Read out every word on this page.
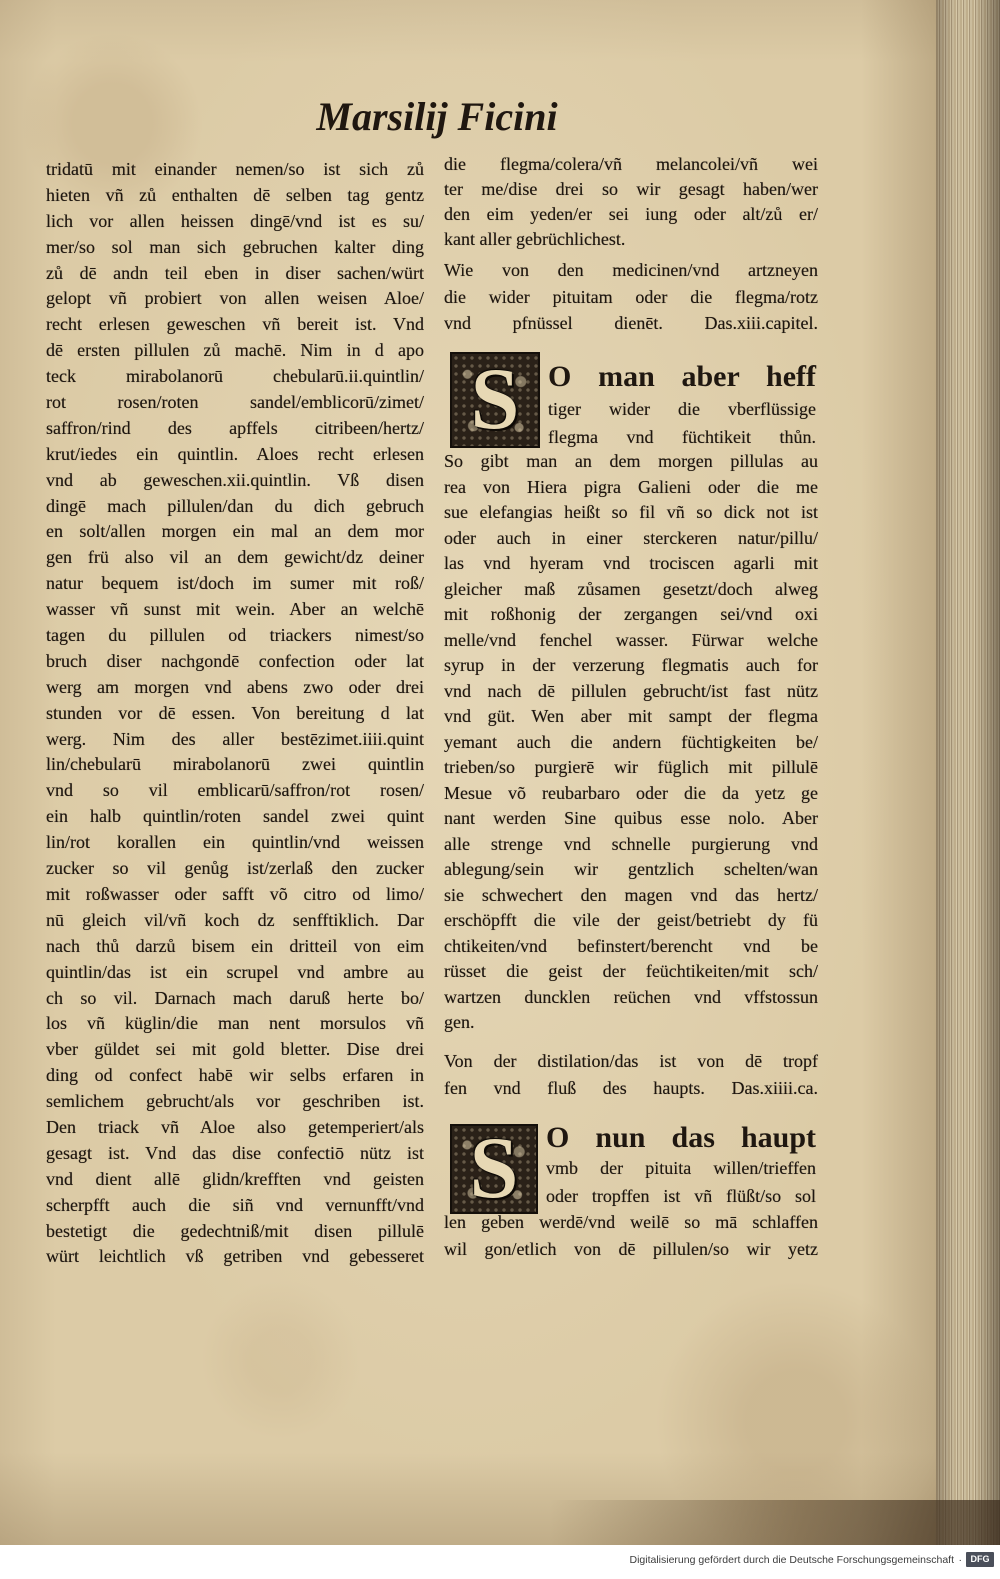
Marsilij Ficini
tridatū mit einander nemen/so ist sich zů
hieten vñ zů enthalten dē selben tag gentz
lich vor allen heissen dingē/vnd ist es su/
mer/so sol man sich gebruchen kalter ding
zů dē andn teil eben in diser sachen/würt
gelopt vñ probiert von allen weisen Aloe/
recht erlesen geweschen vñ bereit ist. Vnd
dē ersten pillulen zů machē. Nim in d apo
teck mirabolanorū chebularū.ii.quintlin/
rot rosen/roten sandel/emblicorū/zimet/
saffron/rind des apffels citribeen/hertz/
krut/iedes ein quintlin. Aloes recht erlesen
vnd ab geweschen.xii.quintlin. Vß disen
dingē mach pillulen/dan du dich gebruch
en solt/allen morgen ein mal an dem mor
gen frü also vil an dem gewicht/dz deiner
natur bequem ist/doch im sumer mit roß/
wasser vñ sunst mit wein. Aber an welchē
tagen du pillulen od triackers nimest/so
bruch diser nachgondē confection oder lat
werg am morgen vnd abens zwo oder drei
stunden vor dē essen. Von bereitung d lat
werg. Nim des aller bestēzimet.iiii.quint
lin/chebularū mirabolanorū zwei quintlin
vnd so vil emblicarū/saffron/rot rosen/
ein halb quintlin/roten sandel zwei quint
lin/rot korallen ein quintlin/vnd weissen
zucker so vil genůg ist/zerlaß den zucker
mit roßwasser oder safft võ citro od limo/
nū gleich vil/vñ koch dz senfftiklich. Dar
nach thů darzů bisem ein dritteil von eim
quintlin/das ist ein scrupel vnd ambre au
ch so vil. Darnach mach daruß herte bo/
los vñ küglin/die man nent morsulos vñ
vber güldet sei mit gold bletter. Dise drei
ding od confect habē wir selbs erfaren in
semlichem gebrucht/als vor geschriben ist.
Den triack vñ Aloe also getemperiert/als
gesagt ist. Vnd das dise confectiō nütz ist
vnd dient allē glidn/krefften vnd geisten
scherpfft auch die siñ vnd vernunfft/vnd
bestetigt die gedechtniß/mit disen pillulē
würt leichtlich vß getriben vnd gebesseret
die flegma/colera/vñ melancolei/vñ wei
ter me/dise drei so wir gesagt haben/wer
den eim yeden/er sei iung oder alt/zů er/
kant aller gebrüchlichest.
Wie von den medicinen/vnd artzneyen
die wider pituitam oder die flegma/rotz
vnd pfnüssel dienēt. Das.xiii.capitel.
S O man aber heff
tiger wider die vberflüssige
flegma vnd füchtikeit thůn.
So gibt man an dem morgen pillulas au
rea von Hiera pigra Galieni oder die me
sue elefangias heißt so fil vñ so dick not ist
oder auch in einer sterckeren natur/pillu/
las vnd hyeram vnd trociscen agarli mit
gleicher maß zůsamen gesetzt/doch alweg
mit roßhonig der zergangen sei/vnd oxi
melle/vnd fenchel wasser. Fürwar welche
syrup in der verzerung flegmatis auch for
vnd nach dē pillulen gebrucht/ist fast nütz
vnd güt. Wen aber mit sampt der flegma
yemant auch die andern füchtigkeiten be/
trieben/so purgierē wir füglich mit pillulē
Mesue võ reubarbaro oder die da yetz ge
nant werden Sine quibus esse nolo. Aber
alle strenge vnd schnelle purgierung vnd
ablegung/sein wir gentzlich schelten/wan
sie schwechert den magen vnd das hertz/
erschöpfft die vile der geist/betriebt dy fü
chtikeiten/vnd befinstert/berencht vnd be
rüsset die geist der feüchtikeiten/mit sch/
wartzen duncklen reüchen vnd vffstossun
gen.
Von der distilation/das ist von dē tropf
fen vnd fluß des haupts. Das.xiiii.ca.
S O nun das haupt
vmb der pituita willen/trieffen
oder tropffen ist vñ flüßt/so sol
len geben werdē/vnd weilē so mā schlaffen
wil gon/etlich von dē pillulen/so wir yetz
Digitalisierung gefördert durch die Deutsche Forschungsgemeinschaft · DFG
